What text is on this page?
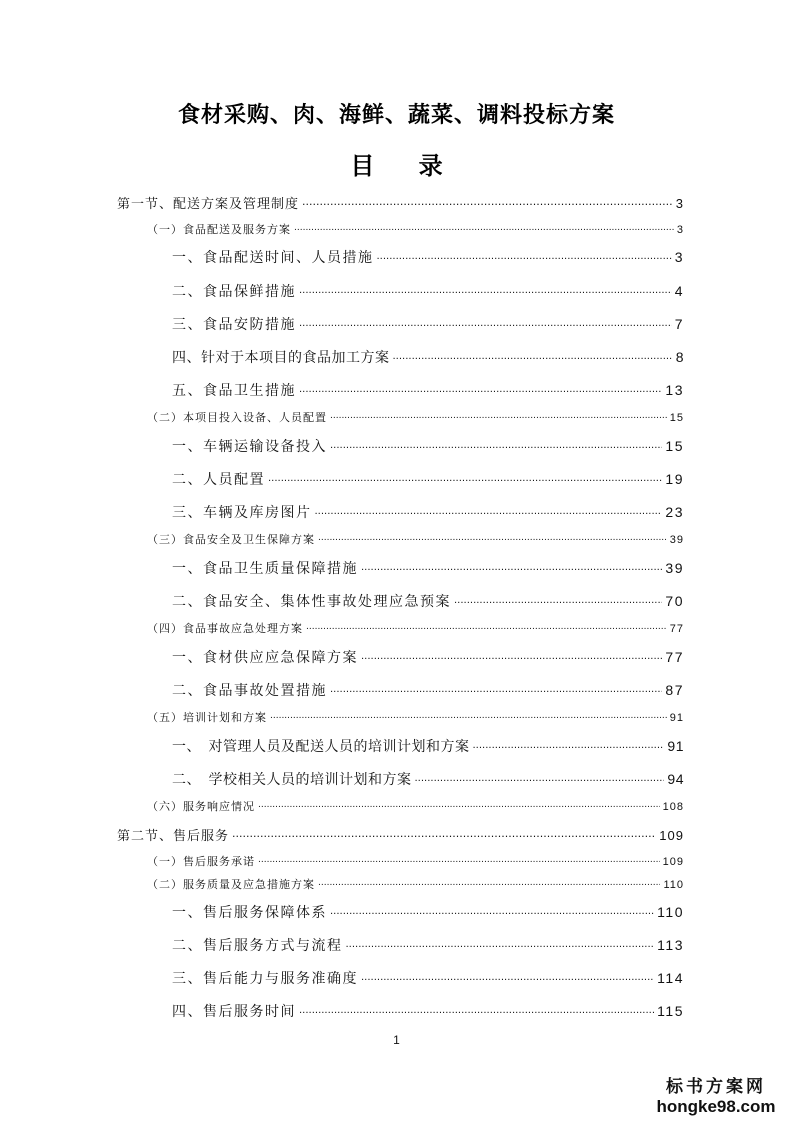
食材采购、肉、海鲜、蔬菜、调料投标方案
目 录
第一节、配送方案及管理制度 .....	3
（一）食品配送及服务方案 .....	3
一、食品配送时间、人员措施 .....	3
二、食品保鲜措施 .....	4
三、食品安防措施 .....	7
四、针对于本项目的食品加工方案 .....	8
五、食品卫生措施 .....	13
（二）本项目投入设备、人员配置 .....	15
一、车辆运输设备投入 .....	15
二、人员配置 .....	19
三、车辆及库房图片 .....	23
（三）食品安全及卫生保障方案 .....	39
一、食品卫生质量保障措施 .....	39
二、食品安全、集体性事故处理应急预案 .....	70
（四）食品事故应急处理方案 .....	77
一、食材供应应急保障方案 .....	77
二、食品事故处置措施 .....	87
（五）培训计划和方案 .....	91
一、　对管理人员及配送人员的培训计划和方案 .....	91
二、　学校相关人员的培训计划和方案 .....	94
（六）服务响应情况 .....	108
第二节、售后服务 .....	109
（一）售后服务承诺 .....	109
（二）服务质量及应急措施方案 .....	110
一、售后服务保障体系 .....	110
二、售后服务方式与流程 .....	113
三、售后能力与服务准确度 .....	114
四、售后服务时间 .....	115
1
标书方案网
hongke98.com
